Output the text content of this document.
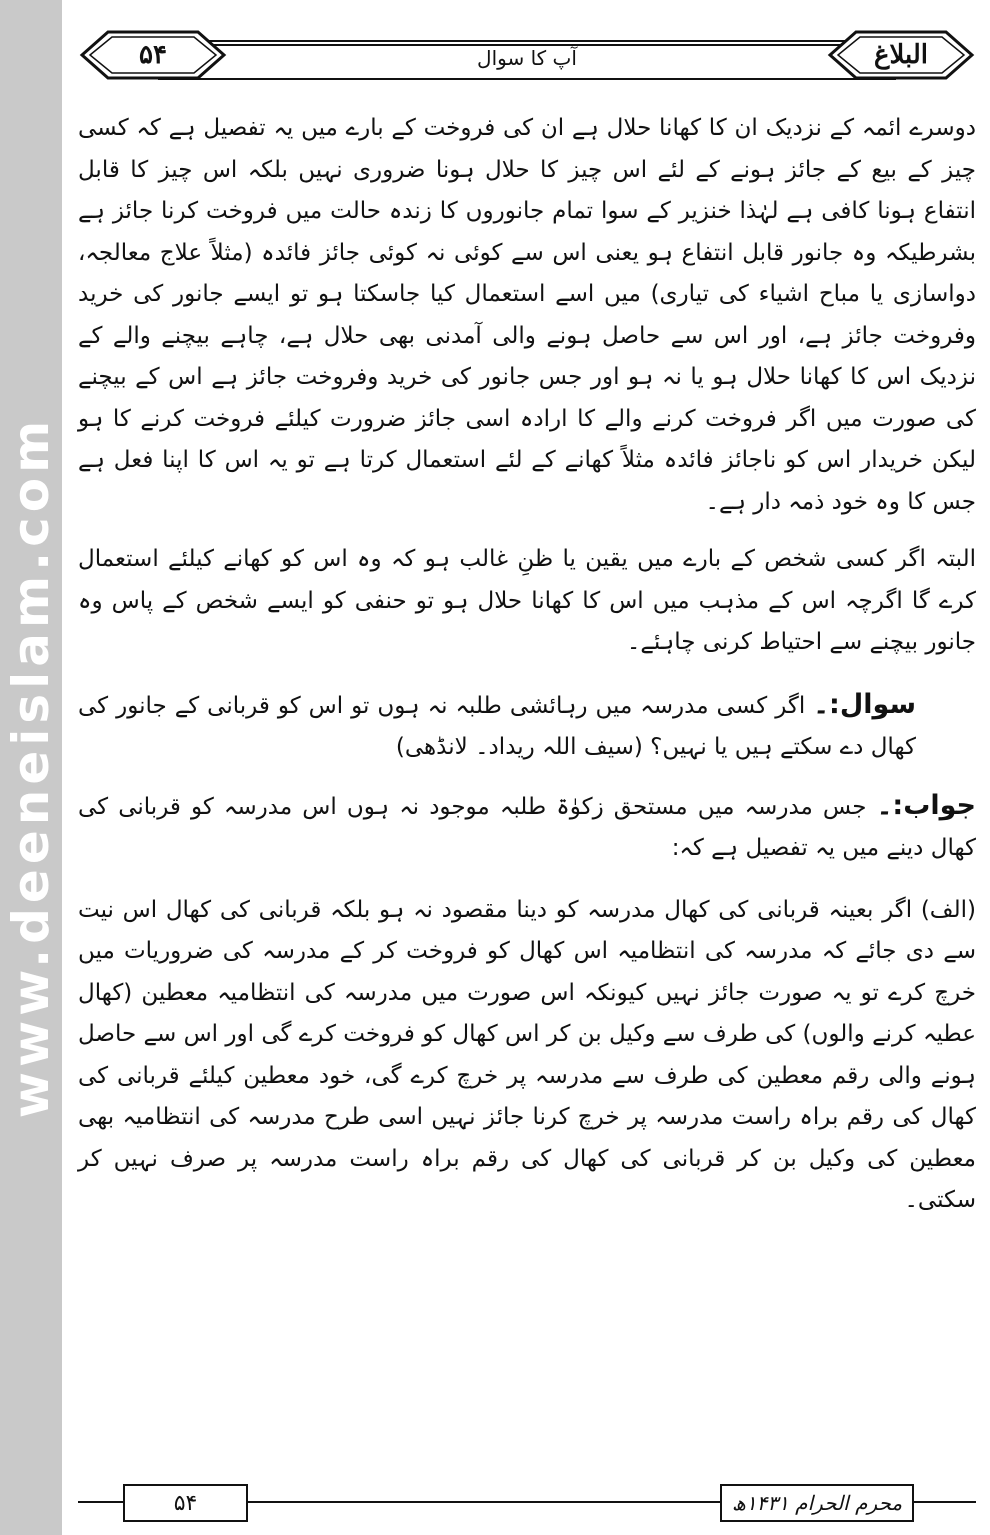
www.deeneislam.com
۵۴	آپ کا سوال	البلاغ

دوسرے ائمہ کے نزدیک ان کا کھانا حلال ہے ان کی فروخت کے بارے میں یہ تفصیل ہے کہ کسی چیز کے بیع کے جائز ہونے کے لئے اس چیز کا حلال ہونا ضروری نہیں بلکہ اس چیز کا قابل انتفاع ہونا کافی ہے لہٰذا خنزیر کے سوا تمام جانوروں کا زندہ حالت میں فروخت کرنا جائز ہے بشرطیکہ وہ جانور قابل انتفاع ہو یعنی اس سے کوئی نہ کوئی جائز فائدہ (مثلاً علاج معالجہ، دواسازی یا مباح اشیاء کی تیاری) میں اسے استعمال کیا جاسکتا ہو تو ایسے جانور کی خرید وفروخت جائز ہے، اور اس سے حاصل ہونے والی آمدنی بھی حلال ہے، چاہے بیچنے والے کے نزدیک اس کا کھانا حلال ہو یا نہ ہو اور جس جانور کی خرید وفروخت جائز ہے اس کے بیچنے کی صورت میں اگر فروخت کرنے والے کا ارادہ اسی جائز ضرورت کیلئے فروخت کرنے کا ہو لیکن خریدار اس کو ناجائز فائدہ مثلاً کھانے کے لئے استعمال کرتا ہے تو یہ اس کا اپنا فعل ہے جس کا وہ خود ذمہ دار ہے۔

البتہ اگر کسی شخص کے بارے میں یقین یا ظنِ غالب ہو کہ وہ اس کو کھانے کیلئے استعمال کرے گا اگرچہ اس کے مذہب میں اس کا کھانا حلال ہو تو حنفی کو ایسے شخص کے پاس وہ جانور بیچنے سے احتیاط کرنی چاہئے۔

سوال:۔ اگر کسی مدرسہ میں رہائشی طلبہ نہ ہوں تو اس کو قربانی کے جانور کی کھال دے سکتے ہیں یا نہیں؟ (سیف اللہ ریداد۔ لانڈھی)

جواب:۔ جس مدرسہ میں مستحق زکوٰۃ طلبہ موجود نہ ہوں اس مدرسہ کو قربانی کی کھال دینے میں یہ تفصیل ہے کہ:

(الف) اگر بعینہ قربانی کی کھال مدرسہ کو دینا مقصود نہ ہو بلکہ قربانی کی کھال اس نیت سے دی جائے کہ مدرسہ کی انتظامیہ اس کھال کو فروخت کر کے مدرسہ کی ضروریات میں خرچ کرے تو یہ صورت جائز نہیں کیونکہ اس صورت میں مدرسہ کی انتظامیہ معطین (کھال عطیہ کرنے والوں) کی طرف سے وکیل بن کر اس کھال کو فروخت کرے گی اور اس سے حاصل ہونے والی رقم معطین کی طرف سے مدرسہ پر خرچ کرے گی، خود معطین کیلئے قربانی کی کھال کی رقم براہ راست مدرسہ پر خرچ کرنا جائز نہیں اسی طرح مدرسہ کی انتظامیہ بھی معطین کی وکیل بن کر قربانی کی کھال کی رقم براہ راست مدرسہ پر صرف نہیں کر سکتی۔

۵۴	محرم الحرام ۱۴۳۱ھ
